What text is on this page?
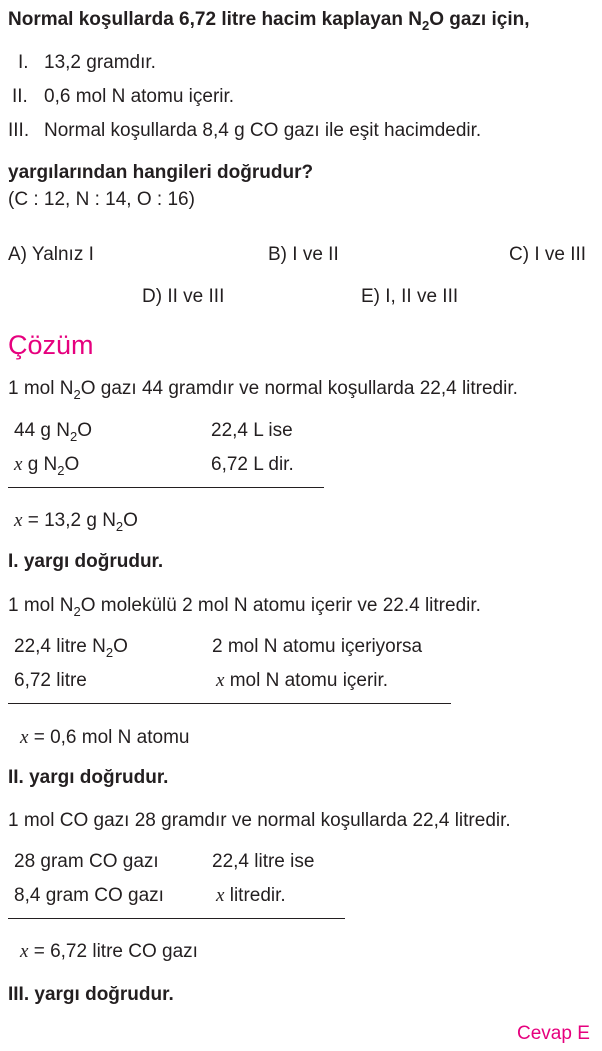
Normal koşullarda 6,72 litre hacim kaplayan $N_2O$ gazı için,
I. 13,2 gramdır.
II. 0,6 mol N atomu içerir.
III. Normal koşullarda 8,4 g CO gazı ile eşit hacimdedir.
yargılarından hangileri doğrudur?
(C : 12, N : 14, O : 16)
A) Yalnız I	B) I ve II	C) I ve III
D) II ve III	E) I, II ve III
Çözüm
1 mol $N_2O$ gazı 44 gramdır ve normal koşullarda 22,4 litredir.
44 g $N_2O$	22,4 L ise
x g $N_2O$	6,72 L dir.
x = 13,2 g $N_2O$
I. yargı doğrudur.
1 mol $N_2O$ molekülü 2 mol N atomu içerir ve 22.4 litredir.
22,4 litre $N_2O$	2 mol N atomu içeriyorsa
6,72 litre	x mol N atomu içerir.
x = 0,6 mol N atomu
II. yargı doğrudur.
1 mol CO gazı 28 gramdır ve normal koşullarda 22,4 litredir.
28 gram CO gazı	22,4 litre ise
8,4 gram CO gazı	x litredir.
x = 6,72 litre CO gazı
III. yargı doğrudur.
Cevap E
